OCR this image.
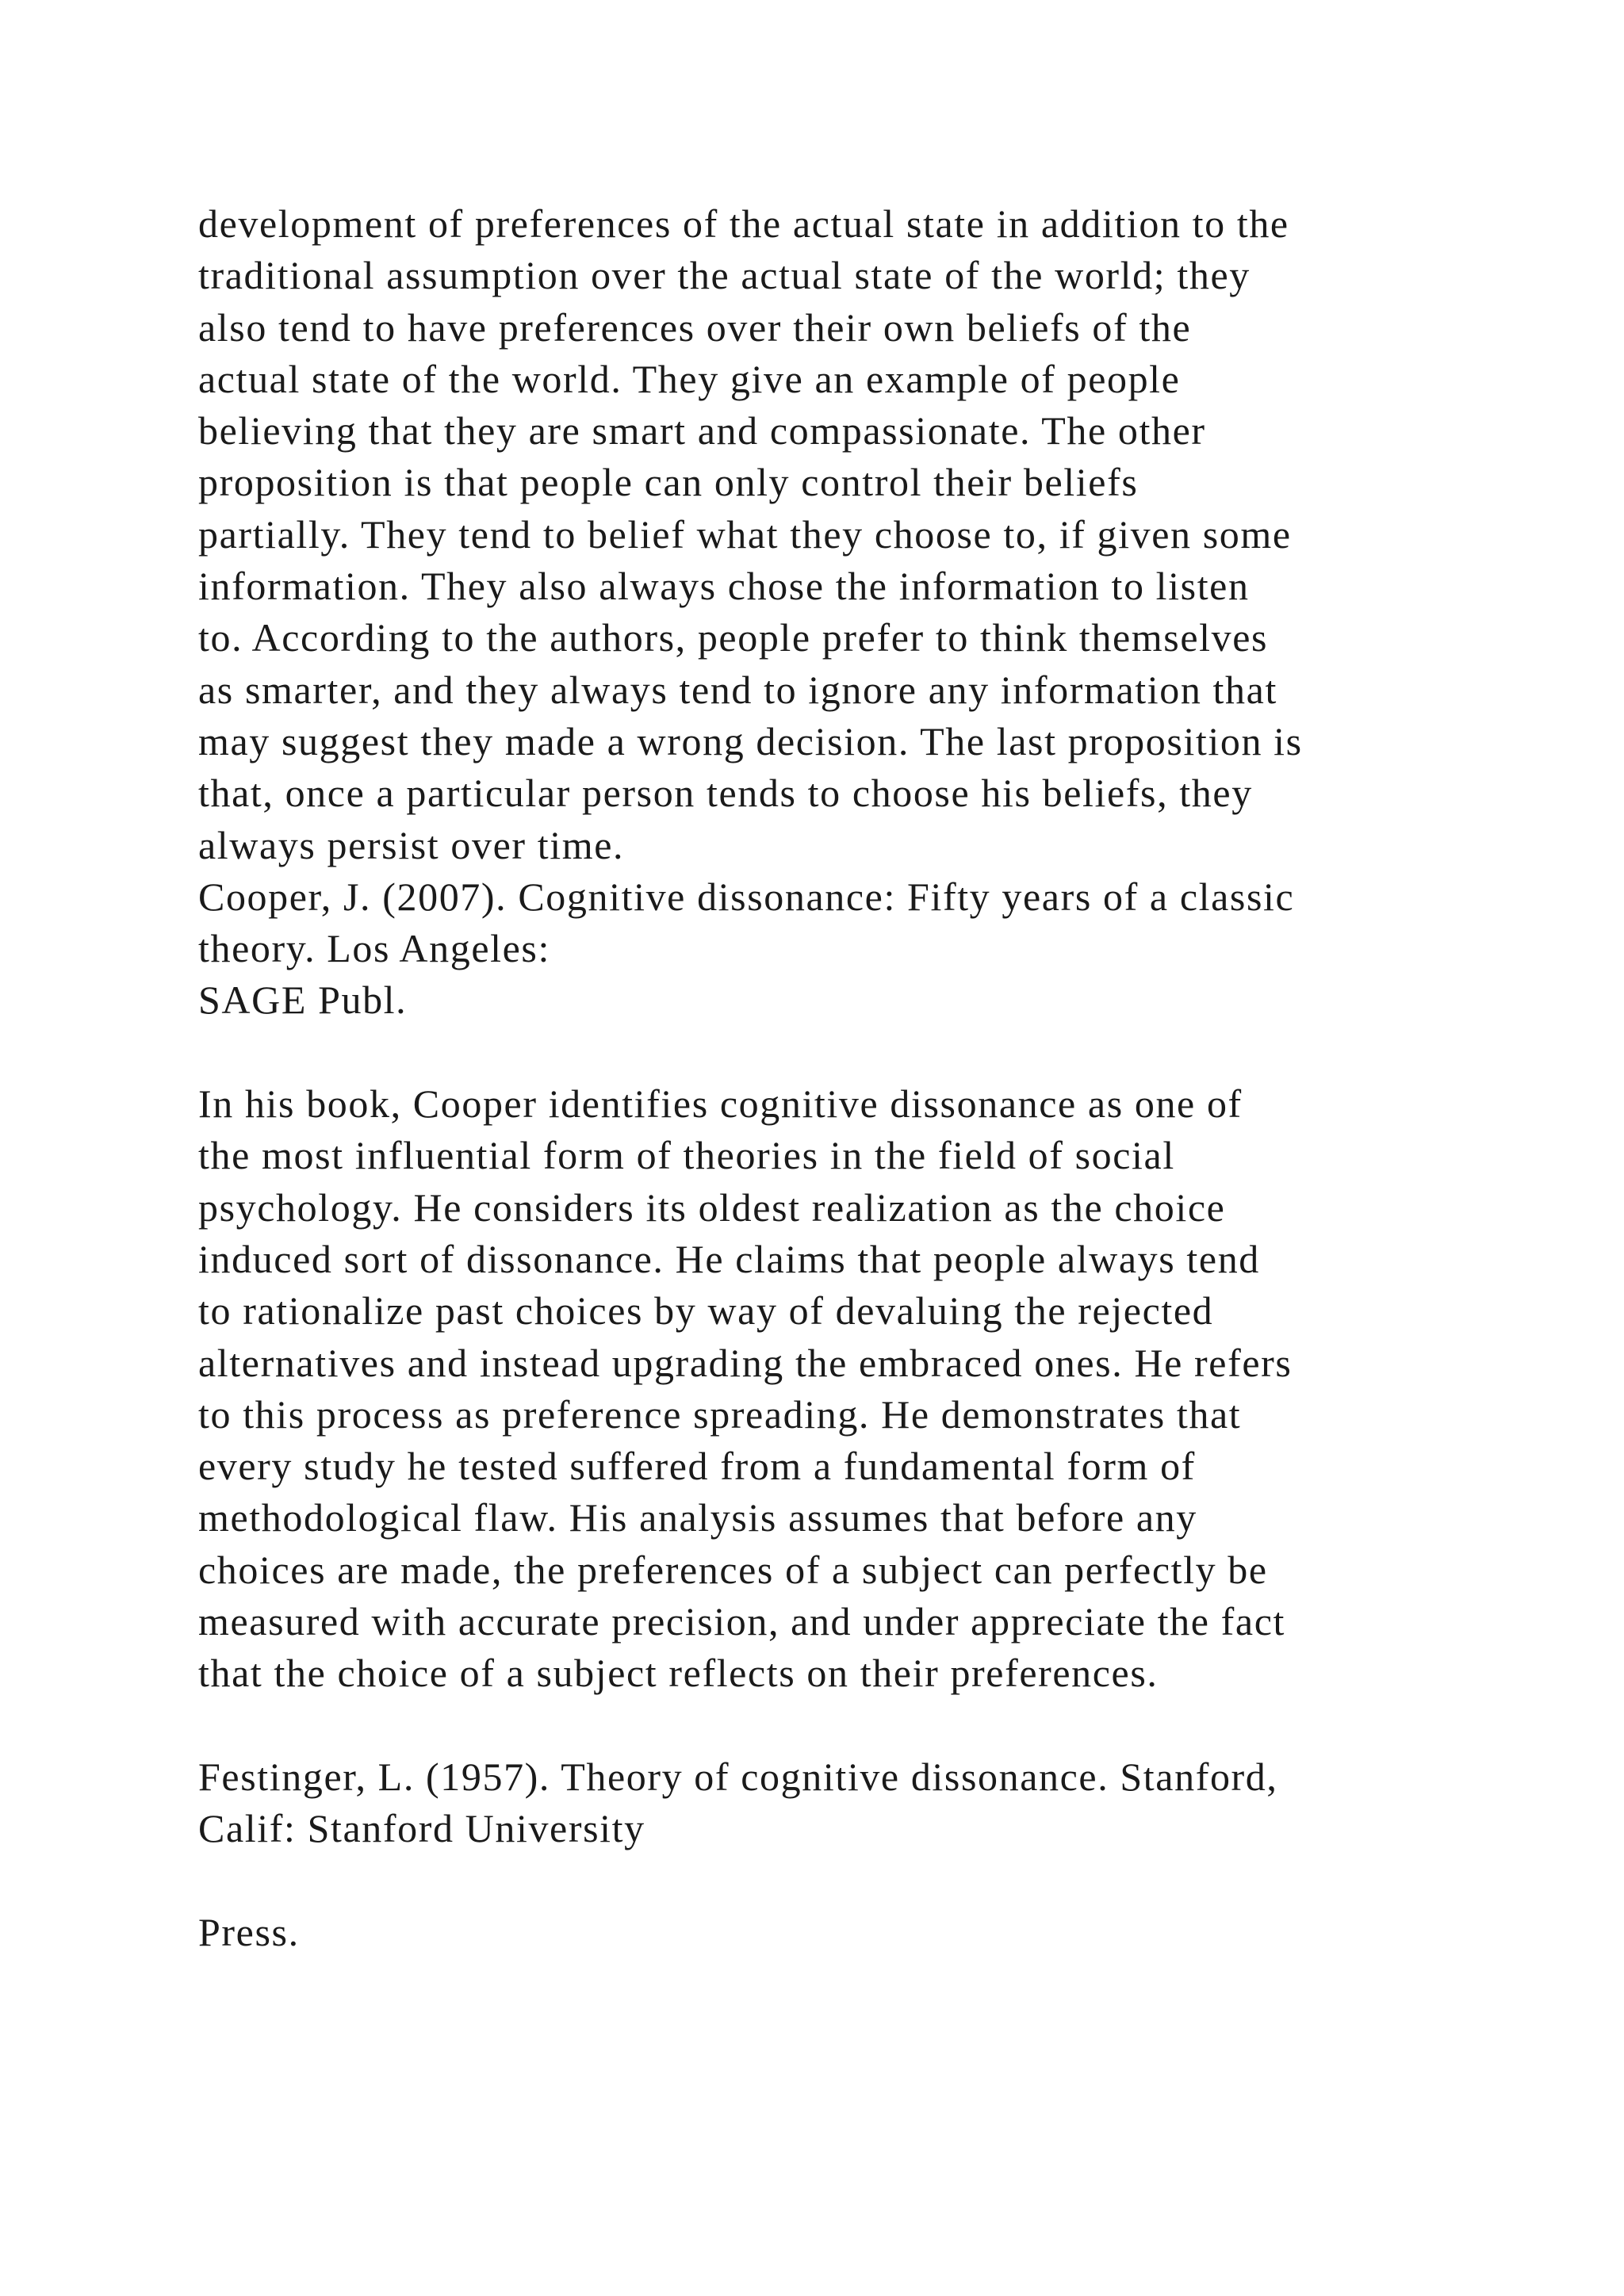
development of preferences of the actual state in addition to the
traditional assumption over the actual state of the world; they
also tend to have preferences over their own beliefs of the
actual state of the world. They give an example of people
believing that they are smart and compassionate. The other
proposition is that people can only control their beliefs
partially. They tend to belief what they choose to, if given some
information. They also always chose the information to listen
to. According to the authors, people prefer to think themselves
as smarter, and they always tend to ignore any information that
may suggest they made a wrong decision. The last proposition is
that, once a particular person tends to choose his beliefs, they
always persist over time.
Cooper, J. (2007). Cognitive dissonance: Fifty years of a classic
theory. Los Angeles:
SAGE Publ.
In his book, Cooper identifies cognitive dissonance as one of
the most influential form of theories in the field of social
psychology. He considers its oldest realization as the choice
induced sort of dissonance. He claims that people always tend
to rationalize past choices by way of devaluing the rejected
alternatives and instead upgrading the embraced ones. He refers
to this process as preference spreading. He demonstrates that
every study he tested suffered from a fundamental form of
methodological flaw. His analysis assumes that before any
choices are made, the preferences of a subject can perfectly be
measured with accurate precision, and under appreciate the fact
that the choice of a subject reflects on their preferences.
Festinger, L. (1957). Theory of cognitive dissonance. Stanford,
Calif: Stanford University
Press.
